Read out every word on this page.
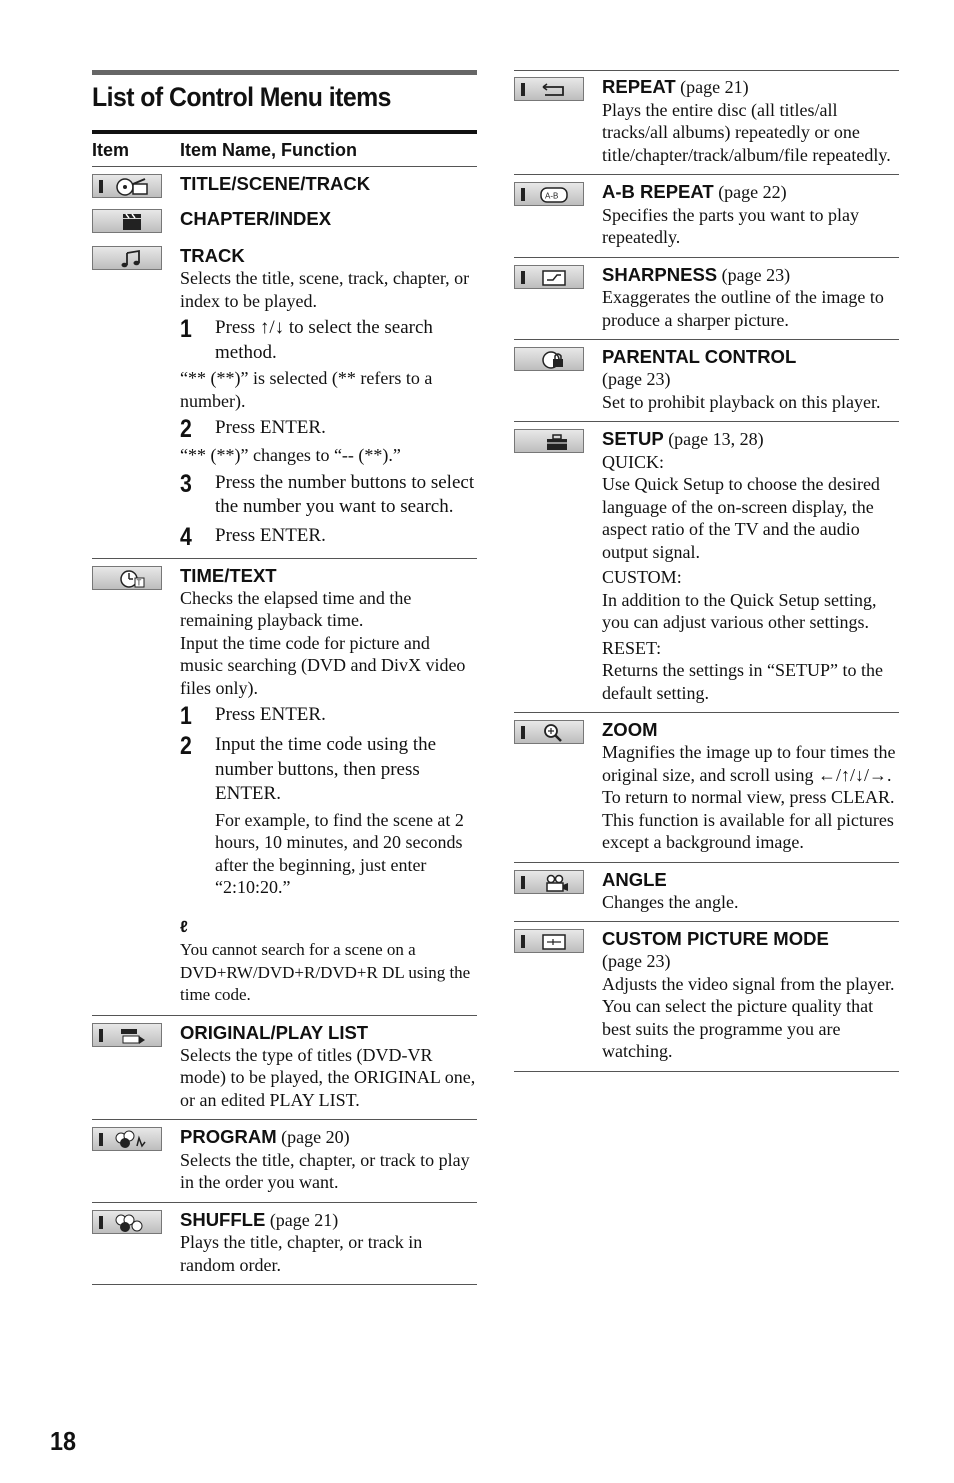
List of Control Menu items
Item	Item Name, Function
TITLE/SCENE/TRACK
CHAPTER/INDEX
TRACK
Selects the title, scene, track, chapter, or index to be played.
1	Press ↑/↓ to select the search method.
“** (**)” is selected (** refers to a number).
2	Press ENTER.
“** (**)” changes to “-- (**).”
3	Press the number buttons to select the number you want to search.
4	Press ENTER.
T TIME/TEXT
Checks the elapsed time and the remaining playback time.
Input the time code for picture and music searching (DVD and DivX video files only).
1	Press ENTER.
2	Input the time code using the number buttons, then press ENTER.
For example, to find the scene at 2 hours, 10 minutes, and 20 seconds after the beginning, just enter “2:10:20.”
ℓ
You cannot search for a scene on a DVD+RW/DVD+R/DVD+R DL using the time code.
ORIGINAL/PLAY LIST
Selects the type of titles (DVD-VR mode) to be played, the ORIGINAL one, or an edited PLAY LIST.
PROGRAM (page 20)
Selects the title, chapter, or track to play in the order you want.
SHUFFLE (page 21)
Plays the title, chapter, or track in random order.
REPEAT (page 21)
Plays the entire disc (all titles/all tracks/all albums) repeatedly or one title/chapter/track/album/file repeatedly.
A-B A-B REPEAT (page 22)
Specifies the parts you want to play repeatedly.
SHARPNESS (page 23)
Exaggerates the outline of the image to produce a sharper picture.
PARENTAL CONTROL
(page 23)
Set to prohibit playback on this player.
SETUP (page 13, 28)
QUICK:
Use Quick Setup to choose the desired language of the on-screen display, the aspect ratio of the TV and the audio output signal.
CUSTOM:
In addition to the Quick Setup setting, you can adjust various other settings.
RESET:
Returns the settings in “SETUP” to the default setting.
ZOOM
Magnifies the image up to four times the original size, and scroll using ←/↑/↓/→.
To return to normal view, press CLEAR.
This function is available for all pictures except a background image.
ANGLE
Changes the angle.
CUSTOM PICTURE MODE
(page 23)
Adjusts the video signal from the player. You can select the picture quality that best suits the programme you are watching.
18
